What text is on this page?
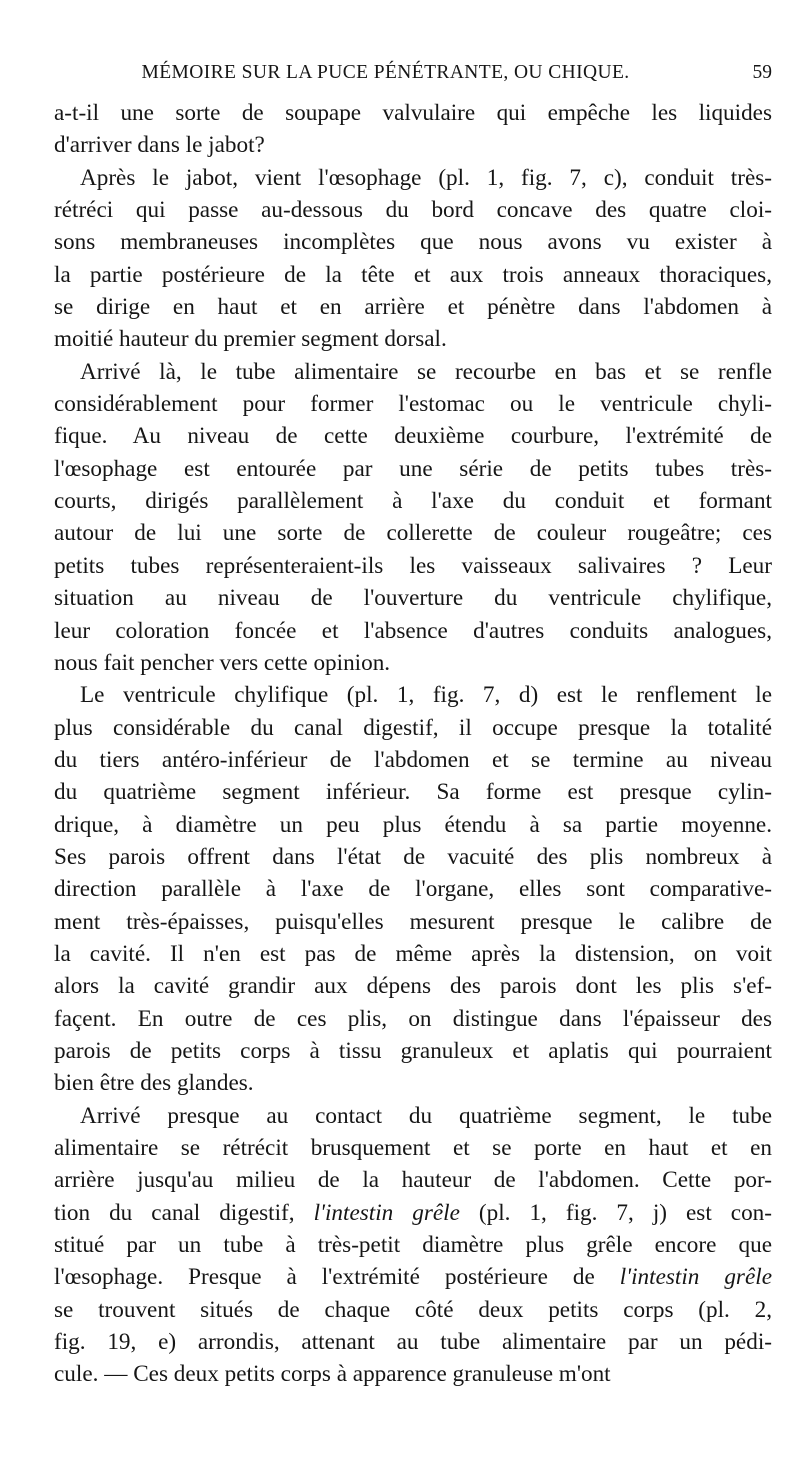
MÉMOIRE SUR LA PUCE PÉNÉTRANTE, OU CHIQUE.	59
a-t-il une sorte de soupape valvulaire qui empêche les liquides
d'arriver dans le jabot?
Après le jabot, vient l'œsophage (pl. 1, fig. 7, c), conduit très-
rétréci qui passe au-dessous du bord concave des quatre cloi-
sons membraneuses incomplètes que nous avons vu exister à
la partie postérieure de la tête et aux trois anneaux thoraciques,
se dirige en haut et en arrière et pénètre dans l'abdomen à
moitié hauteur du premier segment dorsal.
Arrivé là, le tube alimentaire se recourbe en bas et se renfle
considérablement pour former l'estomac ou le ventricule chyli-
fique. Au niveau de cette deuxième courbure, l'extrémité de
l'œsophage est entourée par une série de petits tubes très-
courts, dirigés parallèlement à l'axe du conduit et formant
autour de lui une sorte de collerette de couleur rougeâtre; ces
petits tubes représenteraient-ils les vaisseaux salivaires ? Leur
situation au niveau de l'ouverture du ventricule chylifique,
leur coloration foncée et l'absence d'autres conduits analogues,
nous fait pencher vers cette opinion.
Le ventricule chylifique (pl. 1, fig. 7, d) est le renflement le
plus considérable du canal digestif, il occupe presque la totalité
du tiers antéro-inférieur de l'abdomen et se termine au niveau
du quatrième segment inférieur. Sa forme est presque cylin-
drique, à diamètre un peu plus étendu à sa partie moyenne.
Ses parois offrent dans l'état de vacuité des plis nombreux à
direction parallèle à l'axe de l'organe, elles sont comparative-
ment très-épaisses, puisqu'elles mesurent presque le calibre de
la cavité. Il n'en est pas de même après la distension, on voit
alors la cavité grandir aux dépens des parois dont les plis s'ef-
façent. En outre de ces plis, on distingue dans l'épaisseur des
parois de petits corps à tissu granuleux et aplatis qui pourraient
bien être des glandes.
Arrivé presque au contact du quatrième segment, le tube
alimentaire se rétrécit brusquement et se porte en haut et en
arrière jusqu'au milieu de la hauteur de l'abdomen. Cette por-
tion du canal digestif, l'intestin grêle (pl. 1, fig. 7, j) est con-
stitué par un tube à très-petit diamètre plus grêle encore que
l'œsophage. Presque à l'extrémité postérieure de l'intestin grêle
se trouvent situés de chaque côté deux petits corps (pl. 2,
fig. 19, e) arrondis, attenant au tube alimentaire par un pédi-
cule. — Ces deux petits corps à apparence granuleuse m'ont
